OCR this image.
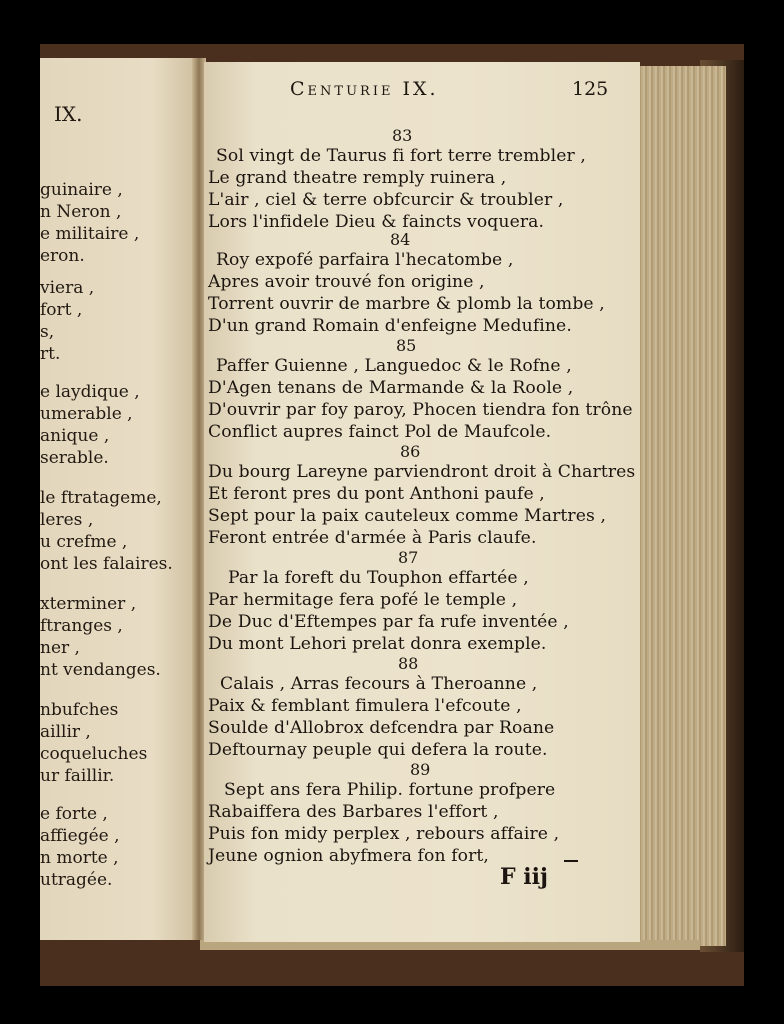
IX.
guinaire ,
n Neron ,
e militaire ,
eron.
viera ,
fort ,
s,
rt.
e laydique ,
umerable ,
anique ,
serable.
le ftratageme,
leres ,
u crefme ,
ont les falaires.
xterminer ,
ftranges ,
ner ,
nt vendanges.
nbufches
aillir ,
coqueluches
ur faillir.
e forte ,
affiegée ,
n morte ,
utragée.
Centurie IX.	125
83
Sol vingt de Taurus fi fort terre trembler ,
Le grand theatre remply ruinera ,
L'air , ciel & terre obfcurcir & troubler ,
Lors l'infidele Dieu & faincts voquera.
84
Roy expofé parfaira l'hecatombe ,
Apres avoir trouvé fon origine ,
Torrent ouvrir de marbre & plomb la tombe ,
D'un grand Romain d'enfeigne Medufine.
85
Paffer Guienne , Languedoc & le Rofne ,
D'Agen tenans de Marmande & la Roole ,
D'ouvrir par foy paroy, Phocen tiendra fon trône
Conflict aupres fainct Pol de Maufcole.
86
Du bourg Lareyne parviendront droit à Chartres
Et feront pres du pont Anthoni paufe ,
Sept pour la paix cauteleux comme Martres ,
Feront entrée d'armée à Paris claufe.
87
Par la foreft du Touphon effartée ,
Par hermitage fera pofé le temple ,
De Duc d'Eftempes par fa rufe inventée ,
Du mont Lehori prelat donra exemple.
88
Calais , Arras fecours à Theroanne ,
Paix & femblant fimulera l'efcoute ,
Soulde d'Allobrox defcendra par Roane
Deftournay peuple qui defera la route.
89
Sept ans fera Philip. fortune profpere
Rabaiffera des Barbares l'effort ,
Puis fon midy perplex , rebours affaire ,
Jeune ognion abyfmera fon fort,
F iij
